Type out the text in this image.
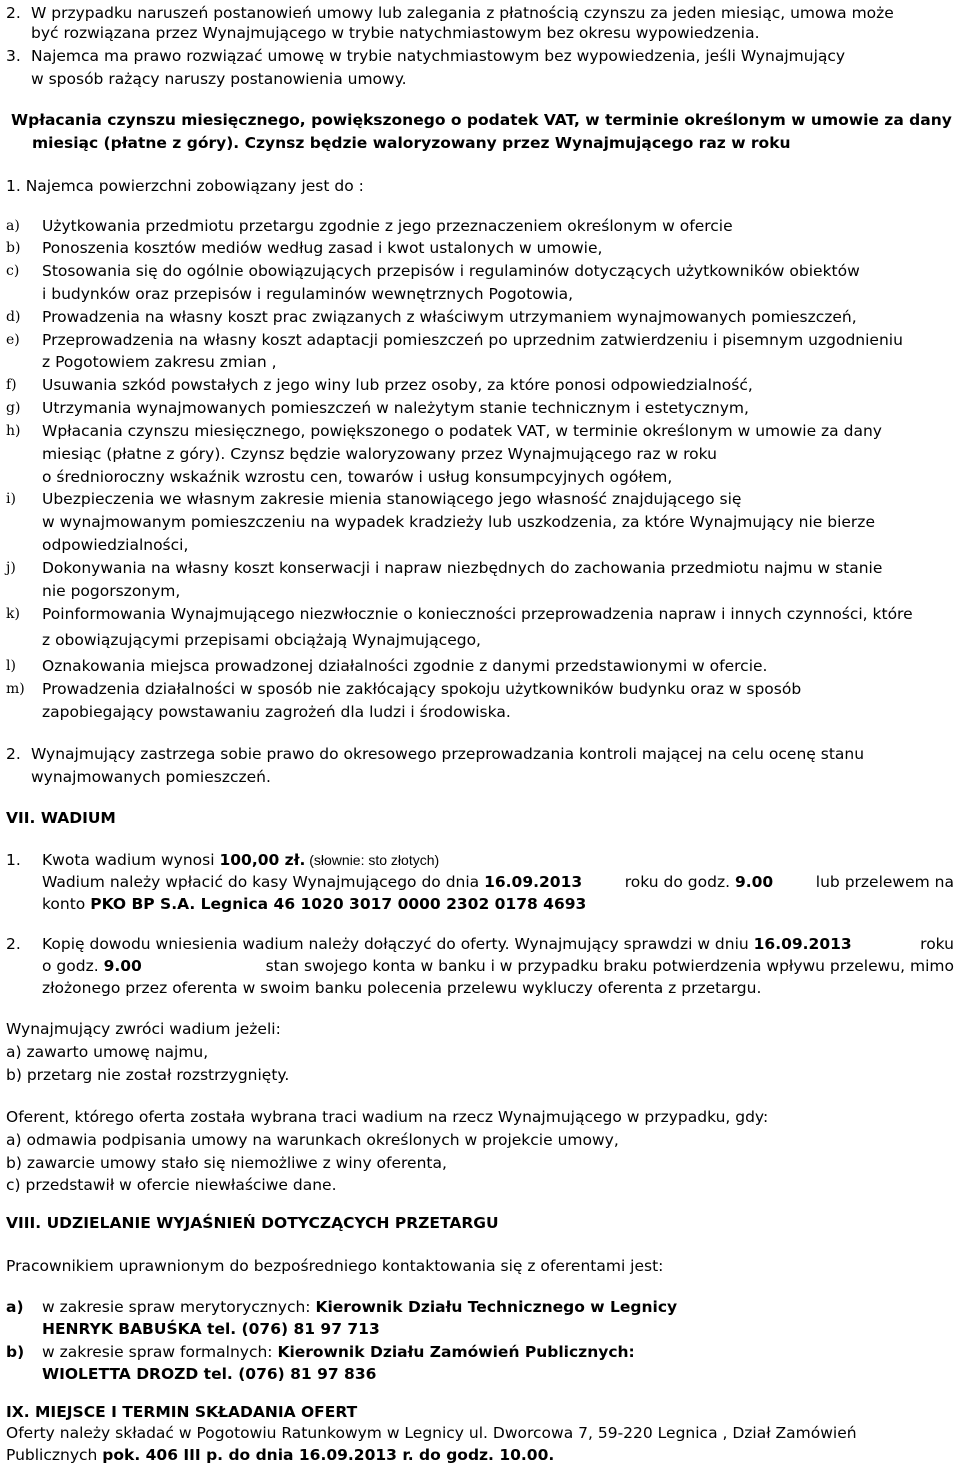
2. W przypadku naruszeń postanowień umowy lub zalegania z płatnością czynszu za jeden miesiąc, umowa może
być rozwiązana przez Wynajmującego w trybie natychmiastowym bez okresu wypowiedzenia.
3. Najemca ma prawo rozwiązać umowę w trybie natychmiastowym bez wypowiedzenia, jeśli Wynajmujący
w sposób rażący naruszy postanowienia umowy.
Wpłacania czynszu miesięcznego, powiększonego o podatek VAT, w terminie określonym w umowie za dany
miesiąc (płatne z góry). Czynsz będzie waloryzowany przez Wynajmującego raz w roku
1. Najemca powierzchni zobowiązany jest do :
a) Użytkowania przedmiotu przetargu zgodnie z jego przeznaczeniem określonym w ofercie
b) Ponoszenia kosztów mediów według zasad i kwot ustalonych w umowie,
c) Stosowania się do ogólnie obowiązujących przepisów i regulaminów dotyczących użytkowników obiektów
i budynków oraz przepisów i regulaminów wewnętrznych Pogotowia,
d) Prowadzenia na własny koszt prac związanych z właściwym utrzymaniem wynajmowanych pomieszczeń,
e) Przeprowadzenia na własny koszt adaptacji pomieszczeń po uprzednim zatwierdzeniu i pisemnym uzgodnieniu
z Pogotowiem zakresu zmian ,
f) Usuwania szkód powstałych z jego winy lub przez osoby, za które ponosi odpowiedzialność,
g) Utrzymania wynajmowanych pomieszczeń w należytym stanie technicznym i estetycznym,
h) Wpłacania czynszu miesięcznego, powiększonego o podatek VAT, w terminie określonym w umowie za dany
miesiąc (płatne z góry). Czynsz będzie waloryzowany przez Wynajmującego raz w roku
o średnioroczny wskaźnik wzrostu cen, towarów i usług konsumpcyjnych ogółem,
i) Ubezpieczenia we własnym zakresie mienia stanowiącego jego własność znajdującego się
w wynajmowanym pomieszczeniu na wypadek kradzieży lub uszkodzenia, za które Wynajmujący nie bierze
odpowiedzialności,
j) Dokonywania na własny koszt konserwacji i napraw niezbędnych do zachowania przedmiotu najmu w stanie
nie pogorszonym,
k) Poinformowania Wynajmującego niezwłocznie o konieczności przeprowadzenia napraw i innych czynności, które
z obowiązującymi przepisami obciążają Wynajmującego,
l) Oznakowania miejsca prowadzonej działalności zgodnie z danymi przedstawionymi w ofercie.
m) Prowadzenia działalności w sposób nie zakłócający spokoju użytkowników budynku oraz w sposób
zapobiegający powstawaniu zagrożeń dla ludzi i środowiska.
2. Wynajmujący zastrzega sobie prawo do okresowego przeprowadzania kontroli mającej na celu ocenę stanu
wynajmowanych pomieszczeń.
VII. WADIUM
1. Kwota wadium wynosi 100,00 zł. (słownie: sto złotych)
Wadium należy wpłacić do kasy Wynajmującego do dnia 16.09.2013	roku do godz. 9.00	lub przelewem na
konto PKO BP S.A. Legnica 46 1020 3017 0000 2302 0178 4693
2. Kopię dowodu wniesienia wadium należy dołączyć do oferty. Wynajmujący sprawdzi w dniu 16.09.2013	roku
o godz. 9.00	stan swojego konta w banku i w przypadku braku potwierdzenia wpływu przelewu, mimo
złożonego przez oferenta w swoim banku polecenia przelewu wykluczy oferenta z przetargu.
Wynajmujący zwróci wadium jeżeli:
a) zawarto umowę najmu,
b) przetarg nie został rozstrzygnięty.
Oferent, którego oferta została wybrana traci wadium na rzecz Wynajmującego w przypadku, gdy:
a) odmawia podpisania umowy na warunkach określonych w projekcie umowy,
b) zawarcie umowy stało się niemożliwe z winy oferenta,
c) przedstawił w ofercie niewłaściwe dane.
VIII. UDZIELANIE WYJAŚNIEŃ DOTYCZĄCYCH PRZETARGU
Pracownikiem uprawnionym do bezpośredniego kontaktowania się z oferentami jest:
a) w zakresie spraw merytorycznych: Kierownik Działu Technicznego w Legnicy
HENRYK BABUŚKA tel. (076) 81 97 713
b) w zakresie spraw formalnych: Kierownik Działu Zamówień Publicznych:
WIOLETTA DROZD tel. (076) 81 97 836
IX. MIEJSCE I TERMIN SKŁADANIA OFERT
Oferty należy składać w Pogotowiu Ratunkowym w Legnicy ul. Dworcowa 7, 59-220 Legnica , Dział Zamówień
Publicznych pok. 406 III p. do dnia 16.09.2013 r. do godz. 10.00.
